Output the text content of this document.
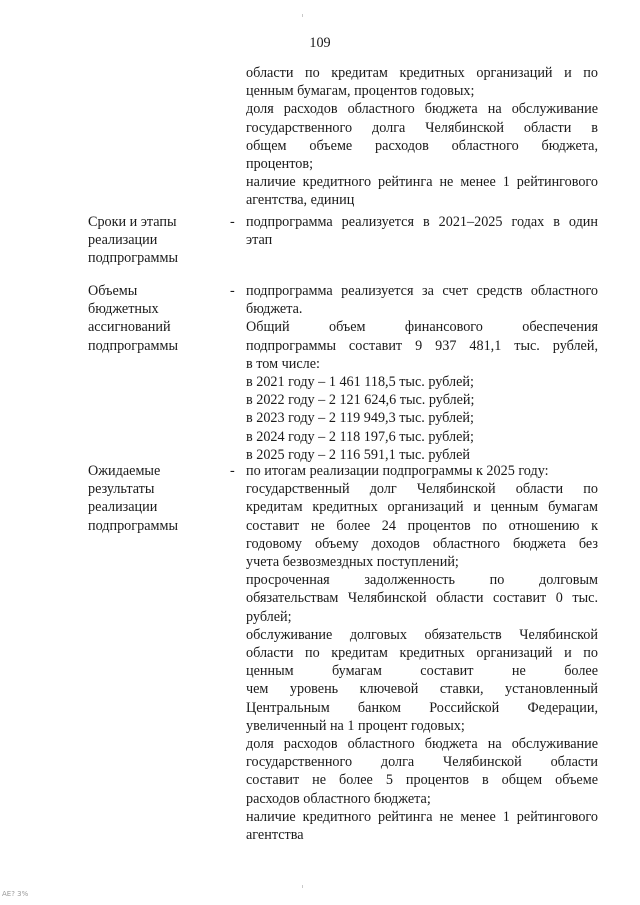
109
области по кредитам кредитных организаций и по
ценным бумагам, процентов годовых;
доля расходов областного бюджета на обслуживание
государственного долга Челябинской области в
общем объеме расходов областного бюджета,
процентов;
наличие кредитного рейтинга не менее 1 рейтингового
агентства, единиц
Сроки и этапы
реализации
подпрограммы
- подпрограмма реализуется в 2021–2025 годах в один
этап
Объемы
бюджетных
ассигнований
подпрограммы
- подпрограмма реализуется за счет средств областного
бюджета.
Общий объем финансового обеспечения
подпрограммы составит 9 937 481,1 тыс. рублей,
в том числе:
в 2021 году – 1 461 118,5 тыс. рублей;
в 2022 году – 2 121 624,6 тыс. рублей;
в 2023 году – 2 119 949,3 тыс. рублей;
в 2024 году – 2 118 197,6 тыс. рублей;
в 2025 году – 2 116 591,1 тыс. рублей
Ожидаемые
результаты
реализации
подпрограммы
- по итогам реализации подпрограммы к 2025 году:
государственный долг Челябинской области по
кредитам кредитных организаций и ценным бумагам
составит не более 24 процентов по отношению к
годовому объему доходов областного бюджета без
учета безвозмездных поступлений;
просроченная задолженность по долговым
обязательствам Челябинской области составит 0 тыс.
рублей;
обслуживание долговых обязательств Челябинской
области по кредитам кредитных организаций и по
ценным бумагам составит не более
чем уровень ключевой ставки, установленный
Центральным банком Российской Федерации,
увеличенный на 1 процент годовых;
доля расходов областного бюджета на обслуживание
государственного долга Челябинской области
составит не более 5 процентов в общем объеме
расходов областного бюджета;
наличие кредитного рейтинга не менее 1 рейтингового
агентства
AE? 3%
